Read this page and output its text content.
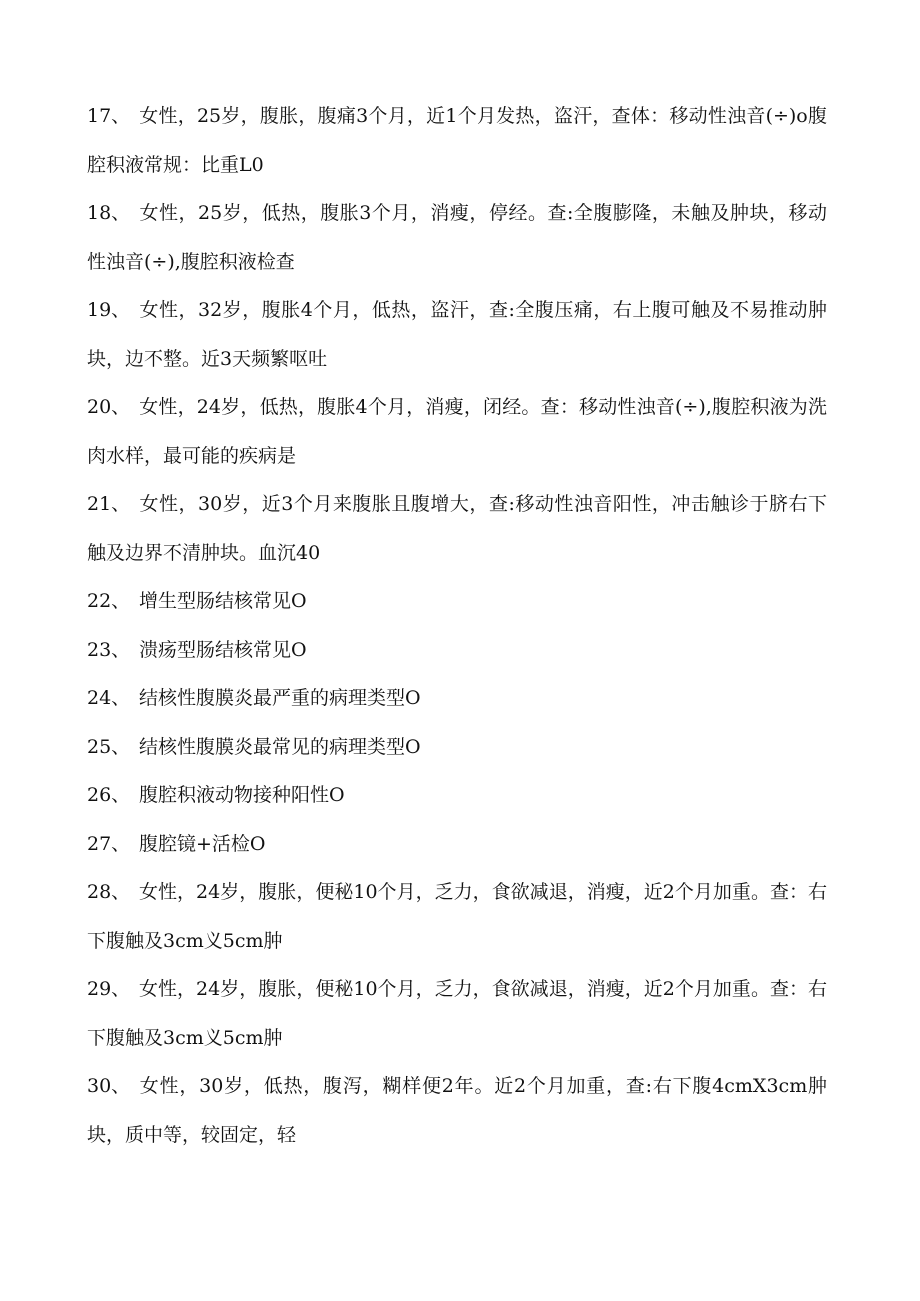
17、 女性，25岁，腹胀，腹痛3个月，近1个月发热，盗汗，查体：移动性浊音(÷)o腹腔积液常规：比重L0

18、 女性，25岁，低热，腹胀3个月，消瘦，停经。查:全腹膨隆，未触及肿块，移动性浊音(÷),腹腔积液检查

19、 女性，32岁，腹胀4个月，低热，盗汗，查:全腹压痛，右上腹可触及不易推动肿块，边不整。近3天频繁呕吐

20、 女性，24岁，低热，腹胀4个月，消瘦，闭经。查：移动性浊音(÷),腹腔积液为洗肉水样，最可能的疾病是

21、 女性，30岁，近3个月来腹胀且腹增大，查:移动性浊音阳性，冲击触诊于脐右下触及边界不清肿块。血沉40

22、 增生型肠结核常见O

23、 溃疡型肠结核常见O

24、 结核性腹膜炎最严重的病理类型O

25、 结核性腹膜炎最常见的病理类型O

26、 腹腔积液动物接种阳性O

27、 腹腔镜+活检O

28、 女性，24岁，腹胀，便秘10个月，乏力，食欲减退，消瘦，近2个月加重。查：右下腹触及3cm义5cm肿

29、 女性，24岁，腹胀，便秘10个月，乏力，食欲减退，消瘦，近2个月加重。查：右下腹触及3cm义5cm肿

30、 女性，30岁，低热，腹泻，糊样便2年。近2个月加重，查:右下腹4cmX3cm肿块，质中等，较固定，轻
